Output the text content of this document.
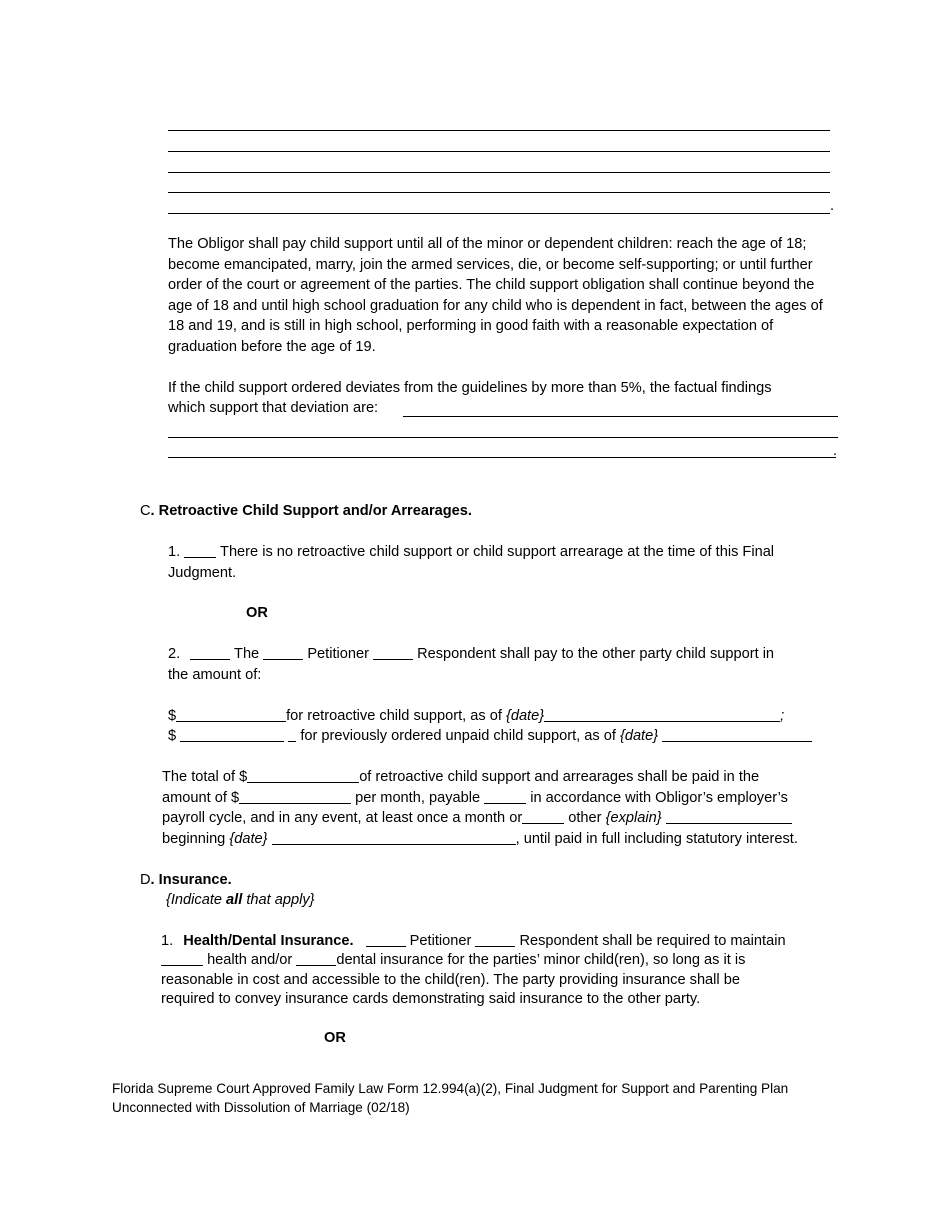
.
The Obligor shall pay child support until all of the minor or dependent children: reach the age of 18; become emancipated, marry, join the armed services, die, or become self-supporting; or until further order of the court or agreement of the parties. The child support obligation shall continue beyond the age of 18 and until high school graduation for any child who is dependent in fact, between the ages of 18 and 19, and is still in high school, performing in good faith with a reasonable expectation of graduation before the age of 19.
If the child support ordered deviates from the guidelines by more than 5%, the factual findings
which support that deviation are:
.
C. Retroactive Child Support and/or Arrearages.
1.	There is no retroactive child support or child support arrearage at the time of this Final
Judgment.
OR
2.	The	Petitioner	Respondent shall pay to the other party child support in
the amount of:
$	for retroactive child support, as of {date}	;
$	for previously ordered unpaid child support, as of {date}
The total of $	of retroactive child support and arrearages shall be paid in the
amount of $	per month, payable	in accordance with Obligor’s employer’s
payroll cycle, and in any event, at least once a month or	other {explain}
beginning {date}	, until paid in full including statutory interest.
D. Insurance.
{Indicate all that apply}
1. Health/Dental Insurance.	Petitioner	Respondent shall be required to maintain
health and/or	dental insurance for the parties’ minor child(ren), so long as it is
reasonable in cost and accessible to the child(ren). The party providing insurance shall be
required to convey insurance cards demonstrating said insurance to the other party.
OR
Florida Supreme Court Approved Family Law Form 12.994(a)(2), Final Judgment for Support and Parenting Plan
Unconnected with Dissolution of Marriage (02/18)
